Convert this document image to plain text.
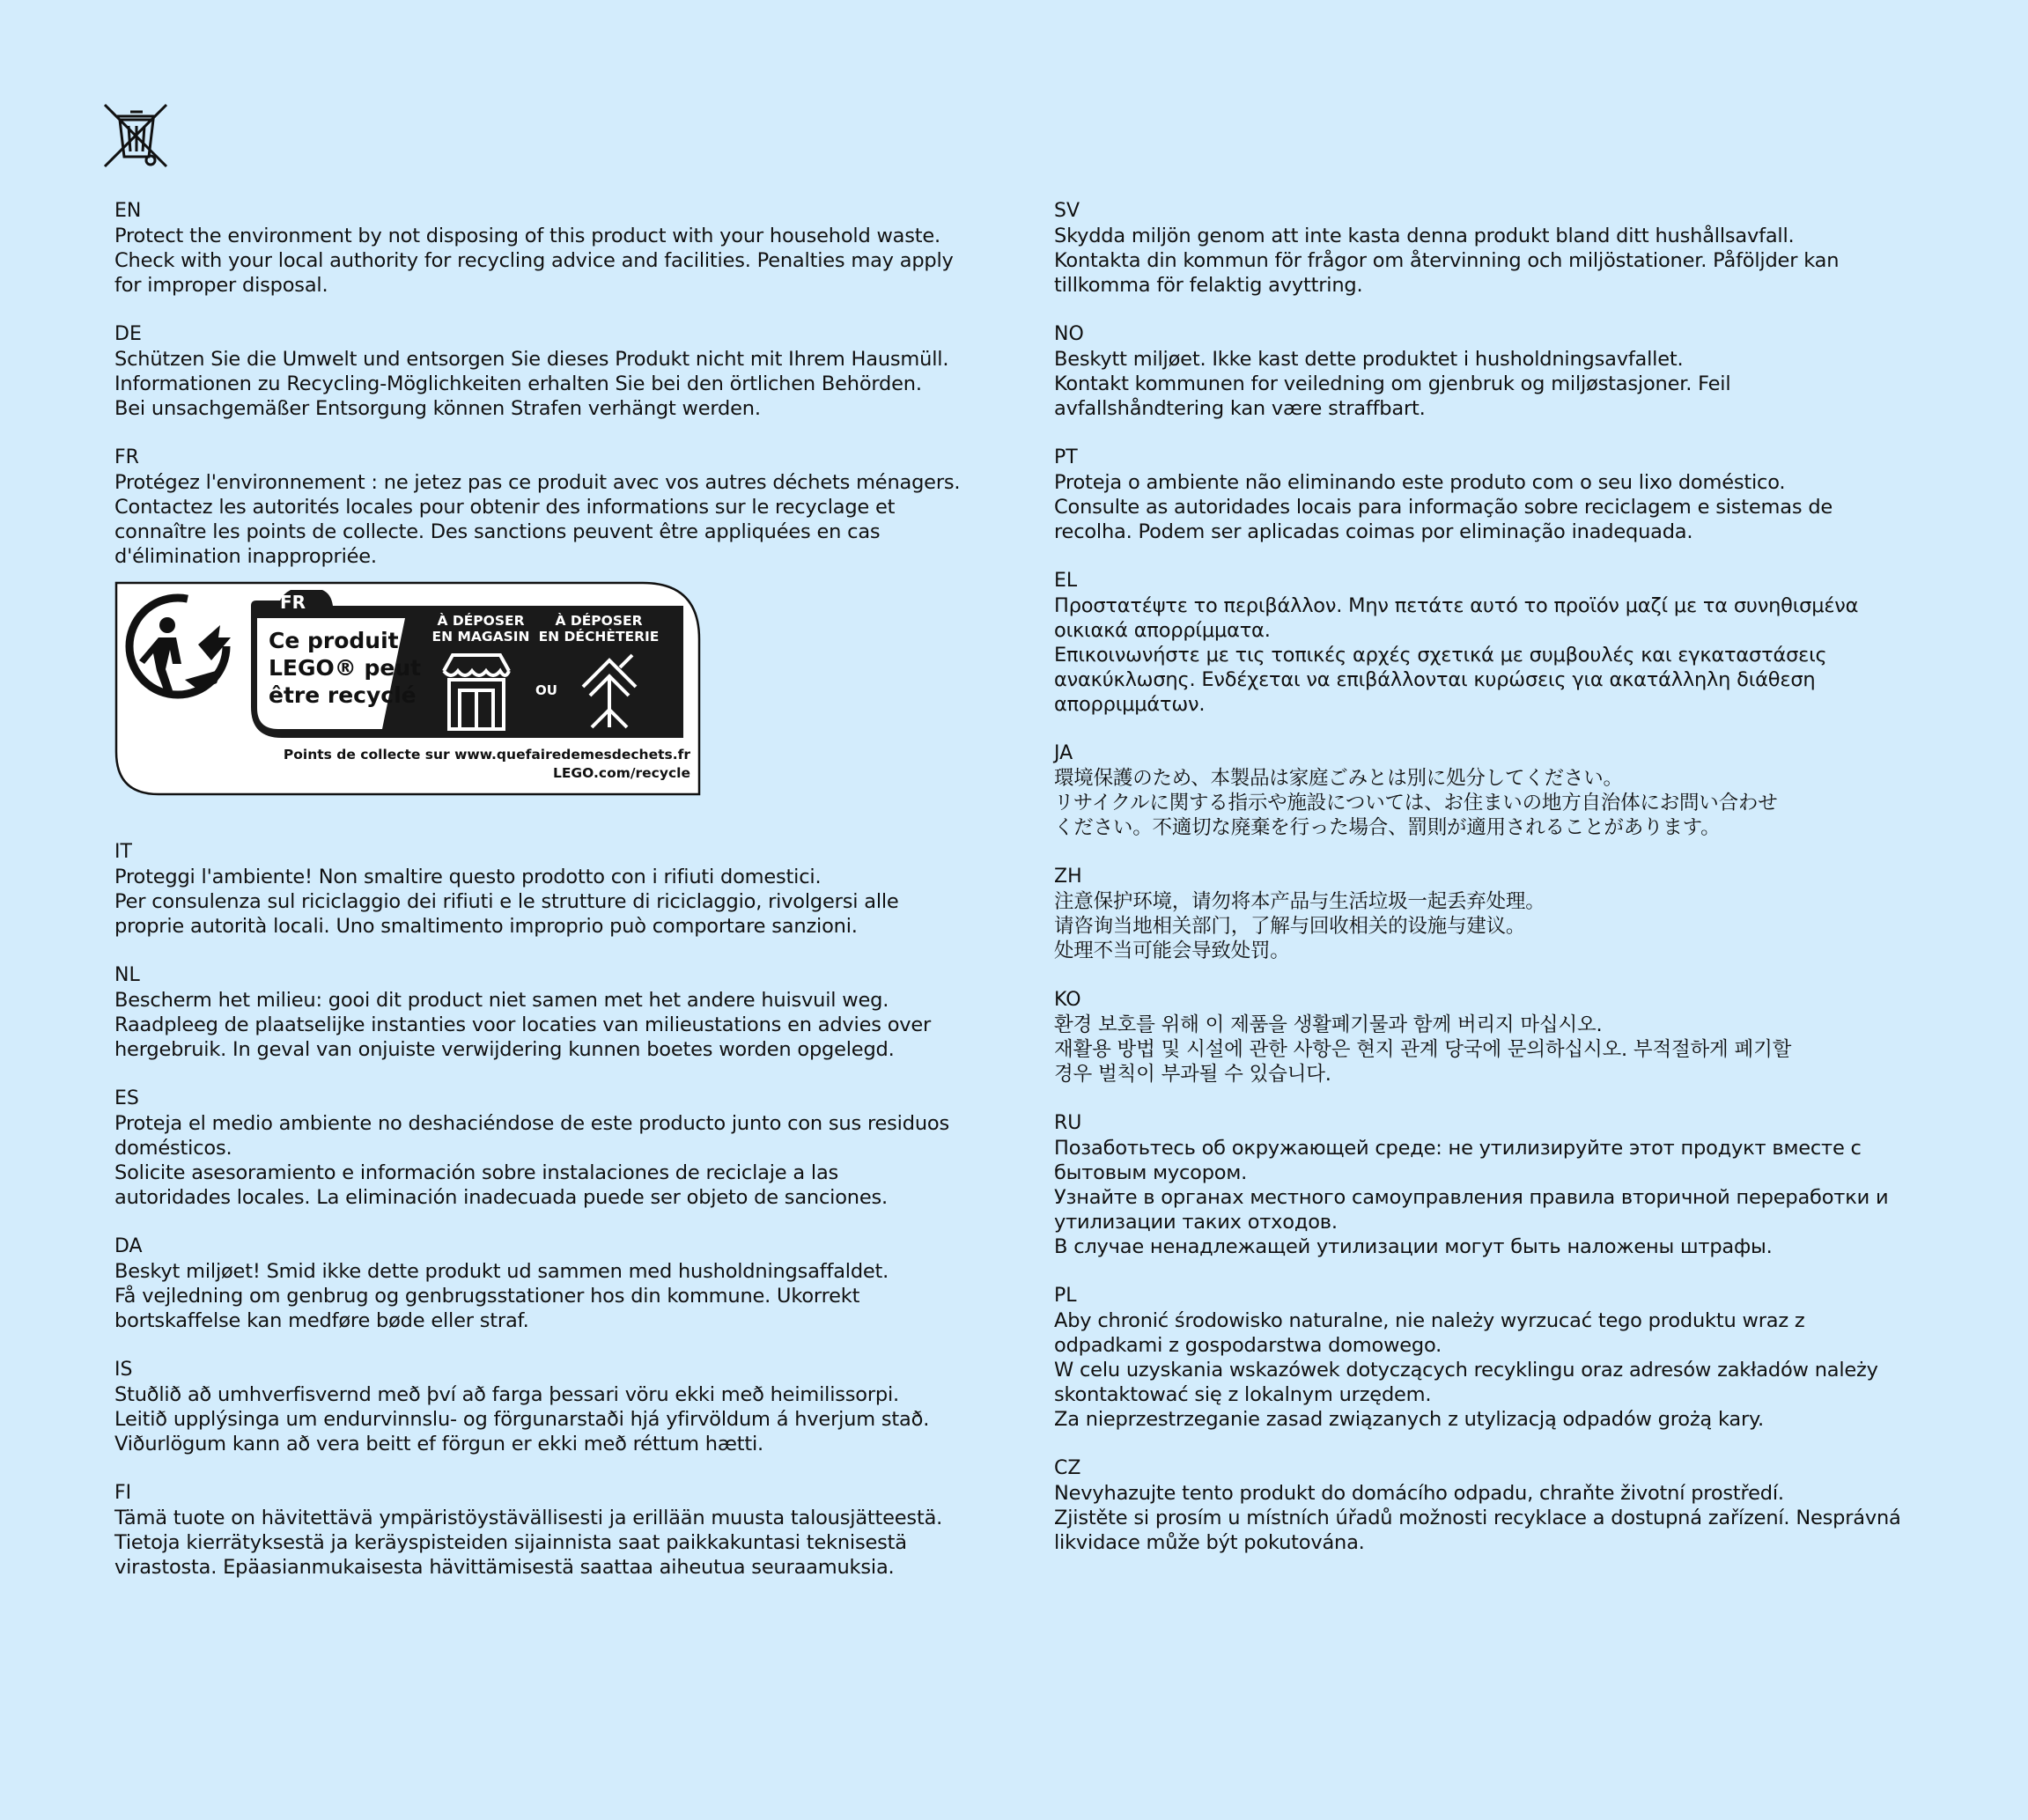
EN
Protect the environment by not disposing of this product with your household waste.
Check with your local authority for recycling advice and facilities. Penalties may apply
for improper disposal.
DE
Schützen Sie die Umwelt und entsorgen Sie dieses Produkt nicht mit Ihrem Hausmüll.
Informationen zu Recycling-Möglichkeiten erhalten Sie bei den örtlichen Behörden.
Bei unsachgemäßer Entsorgung können Strafen verhängt werden.
FR
Protégez l'environnement : ne jetez pas ce produit avec vos autres déchets ménagers.
Contactez les autorités locales pour obtenir des informations sur le recyclage et
connaître les points de collecte. Des sanctions peuvent être appliquées en cas
d'élimination inappropriée.
FR
Ce produit
LEGO® peut
être recyclé
À DÉPOSER
EN MAGASIN
À DÉPOSER
EN DÉCHÈTERIE
OU
Points de collecte sur www.quefairedemesdechets.fr
LEGO.com/recycle
IT
Proteggi l'ambiente! Non smaltire questo prodotto con i rifiuti domestici.
Per consulenza sul riciclaggio dei rifiuti e le strutture di riciclaggio, rivolgersi alle
proprie autorità locali. Uno smaltimento improprio può comportare sanzioni.
NL
Bescherm het milieu: gooi dit product niet samen met het andere huisvuil weg.
Raadpleeg de plaatselijke instanties voor locaties van milieustations en advies over
hergebruik. In geval van onjuiste verwijdering kunnen boetes worden opgelegd.
ES
Proteja el medio ambiente no deshaciéndose de este producto junto con sus residuos
domésticos.
Solicite asesoramiento e información sobre instalaciones de reciclaje a las
autoridades locales. La eliminación inadecuada puede ser objeto de sanciones.
DA
Beskyt miljøet! Smid ikke dette produkt ud sammen med husholdningsaffaldet.
Få vejledning om genbrug og genbrugsstationer hos din kommune. Ukorrekt
bortskaffelse kan medføre bøde eller straf.
IS
Stuðlið að umhverfisvernd með því að farga þessari vöru ekki með heimilissorpi.
Leitið upplýsinga um endurvinnslu- og förgunarstaði hjá yfirvöldum á hverjum stað.
Viðurlögum kann að vera beitt ef förgun er ekki með réttum hætti.
FI
Tämä tuote on hävitettävä ympäristöystävällisesti ja erillään muusta talousjätteestä.
Tietoja kierrätyksestä ja keräyspisteiden sijainnista saat paikkakuntasi teknisestä
virastosta. Epäasianmukaisesta hävittämisestä saattaa aiheutua seuraamuksia.
SV
Skydda miljön genom att inte kasta denna produkt bland ditt hushållsavfall.
Kontakta din kommun för frågor om återvinning och miljöstationer. Påföljder kan
tillkomma för felaktig avyttring.
NO
Beskytt miljøet. Ikke kast dette produktet i husholdningsavfallet.
Kontakt kommunen for veiledning om gjenbruk og miljøstasjoner. Feil
avfallshåndtering kan være straffbart.
PT
Proteja o ambiente não eliminando este produto com o seu lixo doméstico.
Consulte as autoridades locais para informação sobre reciclagem e sistemas de
recolha. Podem ser aplicadas coimas por eliminação inadequada.
EL
Προστατέψτε το περιβάλλον. Μην πετάτε αυτό το προϊόν μαζί με τα συνηθισμένα
οικιακά απορρίμματα.
Επικοινωνήστε με τις τοπικές αρχές σχετικά με συμβουλές και εγκαταστάσεις
ανακύκλωσης. Ενδέχεται να επιβάλλονται κυρώσεις για ακατάλληλη διάθεση
απορριμμάτων.
JA
環境保護のため、本製品は家庭ごみとは別に処分してください。
リサイクルに関する指示や施設については、お住まいの地方自治体にお問い合わせ
ください。不適切な廃棄を行った場合、罰則が適用されることがあります。
ZH
注意保护环境，请勿将本产品与生活垃圾一起丢弃处理。
请咨询当地相关部门，了解与回收相关的设施与建议。
处理不当可能会导致处罚。
KO
환경 보호를 위해 이 제품을 생활폐기물과 함께 버리지 마십시오.
재활용 방법 및 시설에 관한 사항은 현지 관계 당국에 문의하십시오. 부적절하게 폐기할
경우 벌칙이 부과될 수 있습니다.
RU
Позаботьтесь об окружающей среде: не утилизируйте этот продукт вместе с
бытовым мусором.
Узнайте в органах местного самоуправления правила вторичной переработки и
утилизации таких отходов.
В случае ненадлежащей утилизации могут быть наложены штрафы.
PL
Aby chronić środowisko naturalne, nie należy wyrzucać tego produktu wraz z
odpadkami z gospodarstwa domowego.
W celu uzyskania wskazówek dotyczących recyklingu oraz adresów zakładów należy
skontaktować się z lokalnym urzędem.
Za nieprzestrzeganie zasad związanych z utylizacją odpadów grożą kary.
CZ
Nevyhazujte tento produkt do domácího odpadu, chraňte životní prostředí.
Zjistěte si prosím u místních úřadů možnosti recyklace a dostupná zařízení. Nesprávná
likvidace může být pokutována.
